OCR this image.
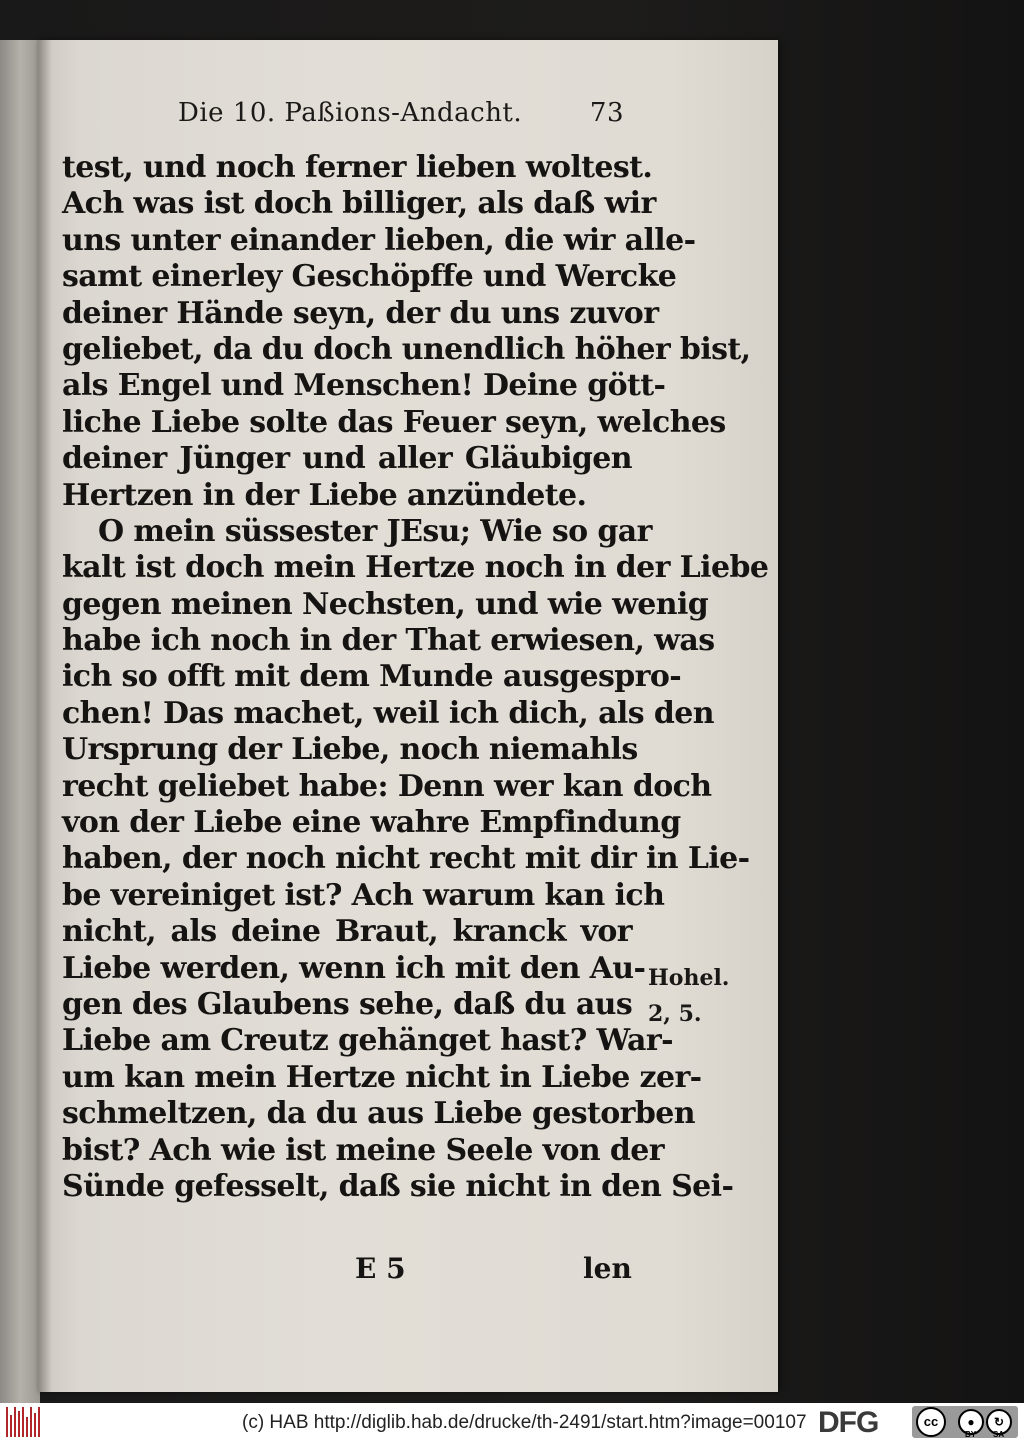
Die 10. Paßions-Andacht.	73
test, und noch ferner lieben woltest.
Ach was ist doch billiger, als daß wir
uns unter einander lieben, die wir alle-
samt einerley Geschöpffe und Wercke
deiner Hände seyn, der du uns zuvor
geliebet, da du doch unendlich höher bist,
als Engel und Menschen! Deine gött-
liche Liebe solte das Feuer seyn, welches
deiner Jünger und aller Gläubigen
Hertzen in der Liebe anzündete.
O mein süssester JEsu; Wie so gar
kalt ist doch mein Hertze noch in der Liebe
gegen meinen Nechsten, und wie wenig
habe ich noch in der That erwiesen, was
ich so offt mit dem Munde ausgespro-
chen! Das machet, weil ich dich, als den
Ursprung der Liebe, noch niemahls
recht geliebet habe: Denn wer kan doch
von der Liebe eine wahre Empfindung
haben, der noch nicht recht mit dir in Lie-
be vereiniget ist? Ach warum kan ich
nicht, als deine Braut, kranck vor
Liebe werden, wenn ich mit den Au-
gen des Glaubens sehe, daß du aus
Liebe am Creutz gehänget hast? War-
um kan mein Hertze nicht in Liebe zer-
schmeltzen, da du aus Liebe gestorben
bist? Ach wie ist meine Seele von der
Sünde gefesselt, daß sie nicht in den Sei-
Hohel.
2, 5.
E 5	len
(c) HAB http://diglib.hab.de/drucke/th-2491/start.htm?image=00107 DFG	cc	●	↻
BY SA
